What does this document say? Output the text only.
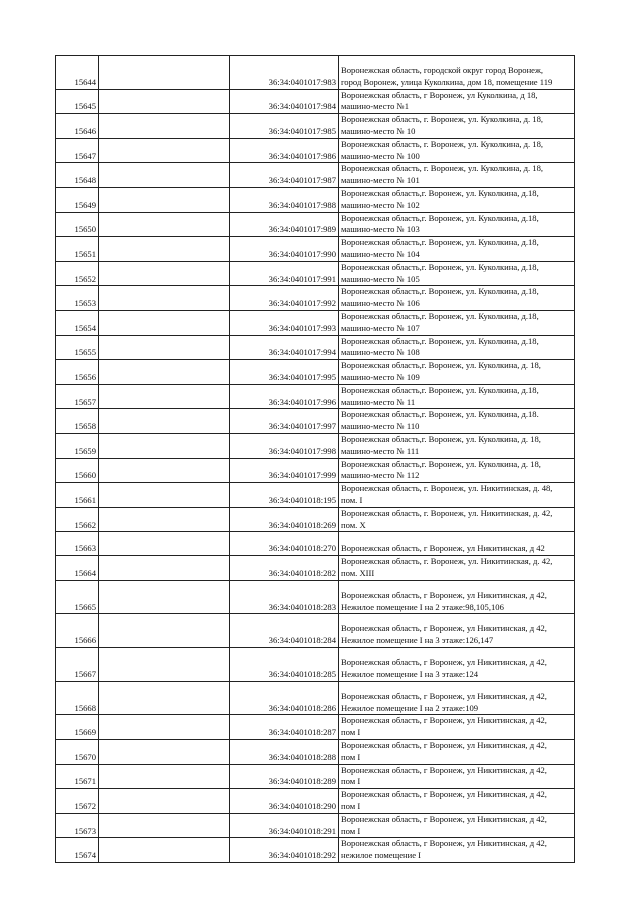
15644		36:34:0401017:983	Воронежская область, городской округ город Воронеж,
город Воронеж, улица Куколкина, дом 18, помещение 119
15645		36:34:0401017:984	Воронежская область, г Воронеж, ул Куколкина, д 18,
машино-место №1
15646		36:34:0401017:985	Воронежская область, г. Воронеж, ул. Куколкина, д. 18,
машино-место № 10
15647		36:34:0401017:986	Воронежская область, г. Воронеж, ул. Куколкина, д. 18,
машино-место № 100
15648		36:34:0401017:987	Воронежская область, г. Воронеж, ул. Куколкина, д. 18,
машино-место № 101
15649		36:34:0401017:988	Воронежская область,г. Воронеж, ул. Куколкина, д.18,
машино-место № 102
15650		36:34:0401017:989	Воронежская область,г. Воронеж, ул. Куколкина, д.18,
машино-место № 103
15651		36:34:0401017:990	Воронежская область,г. Воронеж, ул. Куколкина, д.18,
машино-место № 104
15652		36:34:0401017:991	Воронежская область,г. Воронеж, ул. Куколкина, д.18,
машино-место № 105
15653		36:34:0401017:992	Воронежская область,г. Воронеж, ул. Куколкина, д.18,
машино-место № 106
15654		36:34:0401017:993	Воронежская область,г. Воронеж, ул. Куколкина, д.18,
машино-место № 107
15655		36:34:0401017:994	Воронежская область,г. Воронеж, ул. Куколкина, д.18,
машино-место № 108
15656		36:34:0401017:995	Воронежская область,г. Воронеж, ул. Куколкина, д. 18,
машино-место № 109
15657		36:34:0401017:996	Воронежская область,г. Воронеж, ул. Куколкина, д.18,
машино-место № 11
15658		36:34:0401017:997	Воронежская область,г. Воронеж, ул. Куколкина, д.18.
машино-место № 110
15659		36:34:0401017:998	Воронежская область,г. Воронеж, ул. Куколкина, д. 18,
машино-место № 111
15660		36:34:0401017:999	Воронежская область,г. Воронеж, ул. Куколкина, д. 18,
машино-место № 112
15661		36:34:0401018:195	Воронежская область, г. Воронеж, ул. Никитинская, д. 48,
пом. I
15662		36:34:0401018:269	Воронежская область, г. Воронеж, ул. Никитинская, д. 42,
пом. X
15663		36:34:0401018:270	Воронежская область, г Воронеж, ул Никитинская, д 42
15664		36:34:0401018:282	Воронежская область, г. Воронеж, ул. Никитинская, д. 42,
пом. XIII
15665		36:34:0401018:283	Воронежская область, г Воронеж, ул Никитинская, д 42,
Нежилое помещение I на 2 этаже:98,105,106
15666		36:34:0401018:284	Воронежская область, г Воронеж, ул Никитинская, д 42,
Нежилое помещение I на 3 этаже:126,147
15667		36:34:0401018:285	Воронежская область, г Воронеж, ул Никитинская, д 42,
Нежилое помещение I на 3 этаже:124
15668		36:34:0401018:286	Воронежская область, г Воронеж, ул Никитинская, д 42,
Нежилое помещение I на 2 этаже:109
15669		36:34:0401018:287	Воронежская область, г Воронеж, ул Никитинская, д 42,
пом I
15670		36:34:0401018:288	Воронежская область, г Воронеж, ул Никитинская, д 42,
пом I
15671		36:34:0401018:289	Воронежская область, г Воронеж, ул Никитинская, д 42,
пом I
15672		36:34:0401018:290	Воронежская область, г Воронеж, ул Никитинская, д 42,
пом I
15673		36:34:0401018:291	Воронежская область, г Воронеж, ул Никитинская, д 42,
пом I
15674		36:34:0401018:292	Воронежская область, г Воронеж, ул Никитинская, д 42,
нежилое помещение I
